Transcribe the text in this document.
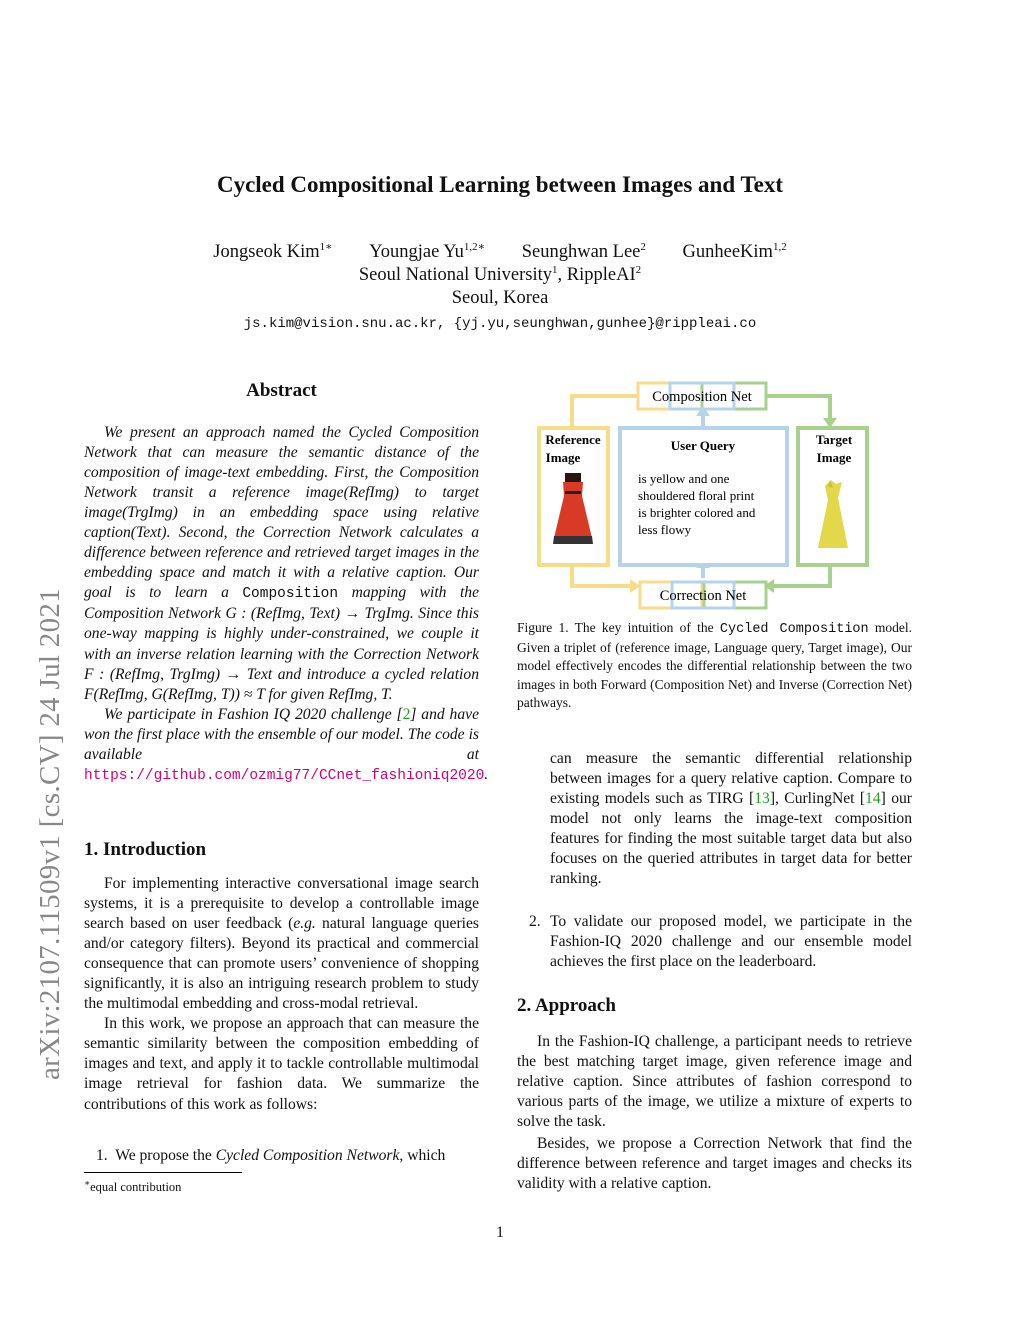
Cycled Compositional Learning between Images and Text
Jongseok Kim$^{1∗}$ Youngjae $Yu^{1,2∗}$ Seunghwan Lee$^2$ GunheeKim$^{1,2}$
Seoul National University$^1$, RippleAI$^2$
Seoul, Korea
js.kim@vision.snu.ac.kr, {yj.yu,seunghwan,gunhee}@rippleai.co
arXiv:2107.11509v1 [cs.CV] 24 Jul 2021
Abstract

We present an approach named the Cycled Composition Network that can measure the semantic distance of the composition of image-text embedding. First, the Composition Network transit a reference image(RefImg) to target image(TrgImg) in an embedding space using relative caption(Text). Second, the Correction Network calculates a difference between reference and retrieved target images in the embedding space and match it with a relative caption. Our goal is to learn a Composition mapping with the Composition Network G : (RefImg, Text) → TrgImg. Since this one-way mapping is highly under-constrained, we couple it with an inverse relation learning with the Correction Network F : (RefImg, TrgImg) → Text and introduce a cycled relation F(RefImg, G(RefImg, T)) ≈ T for given RefImg, T.

We participate in Fashion IQ 2020 challenge [2] and have won the first place with the ensemble of our model. The code is available at https://github.com/ozmig77/CCnet_fashioniq2020.

1. Introduction

For implementing interactive conversational image search systems, it is a prerequisite to develop a controllable image search based on user feedback (e.g. natural language queries and/or category filters). Beyond its practical and commercial consequence that can promote users’ convenience of shopping significantly, it is also an intriguing research problem to study the multimodal embedding and cross-modal retrieval.

In this work, we propose an approach that can measure the semantic similarity between the composition embedding of images and text, and apply it to tackle controllable multimodal image retrieval for fashion data. We summarize the contributions of this work as follows:

1. We propose the Cycled Composition Network, which
∗equal contribution
Composition Net
Correction Net
Reference
Image
User Query
is yellow and one
shouldered floral print
is brighter colored and
less flowy
Target
Image
Figure 1. The key intuition of the Cycled Composition model. Given a triplet of (reference image, Language query, Target image), Our model effectively encodes the differential relationship between the two images in both Forward (Composition Net) and Inverse (Correction Net) pathways.
can measure the semantic differential relationship between images for a query relative caption. Compare to existing models such as TIRG [13], CurlingNet [14] our model not only learns the image-text composition features for finding the most suitable target data but also focuses on the queried attributes in target data for better ranking.
2. To validate our proposed model, we participate in the Fashion-IQ 2020 challenge and our ensemble model achieves the first place on the leaderboard.
2. Approach

In the Fashion-IQ challenge, a participant needs to retrieve the best matching target image, given reference image and relative caption. Since attributes of fashion correspond to various parts of the image, we utilize a mixture of experts to solve the task.

Besides, we propose a Correction Network that find the difference between reference and target images and checks its validity with a relative caption.

1
